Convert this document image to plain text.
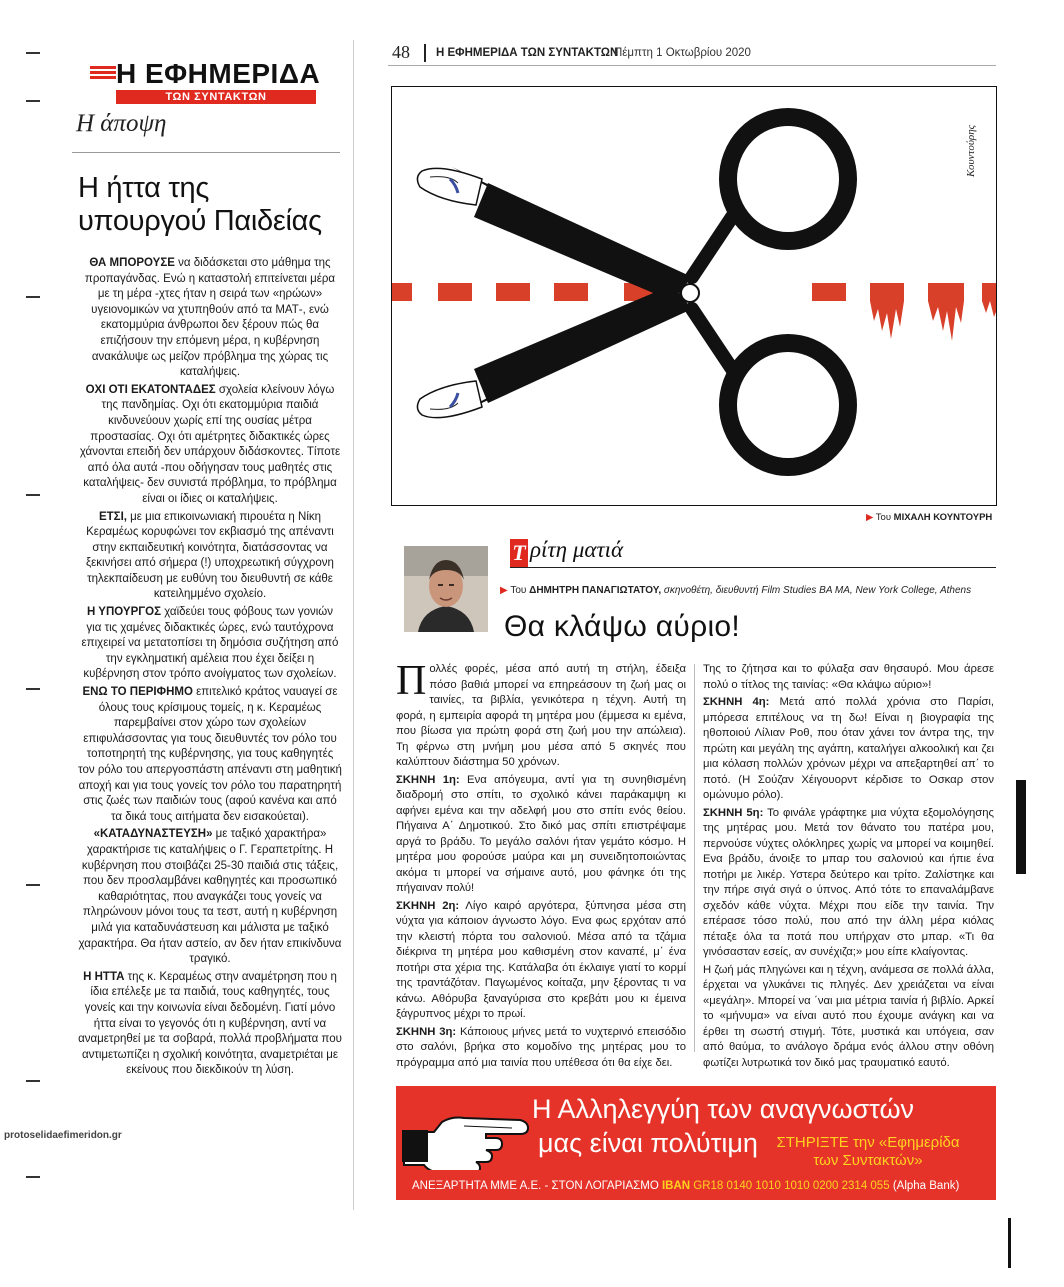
Η ΕΦΗΜΕΡΙΔΑ
ΤΩΝ ΣΥΝΤΑΚΤΩΝ
Η άποψη
Η ήττα της υπουργού Παιδείας

ΘΑ ΜΠΟΡΟΥΣΕ να διδάσκεται στο μάθημα της προπαγάνδας. Ενώ η καταστολή επιτείνεται μέρα με τη μέρα -χτες ήταν η σειρά των «ηρώων» υγειονομικών να χτυπηθούν από τα ΜΑΤ-, ενώ εκατομμύρια άνθρωποι δεν ξέρουν πώς θα επιζήσουν την επόμενη μέρα, η κυβέρνηση ανακάλυψε ως μείζον πρόβλημα της χώρας τις καταλήψεις.

ΟΧΙ ΟΤΙ ΕΚΑΤΟΝΤΑΔΕΣ σχολεία κλείνουν λόγω της πανδημίας. Οχι ότι εκατομμύρια παιδιά κινδυνεύουν χωρίς επί της ουσίας μέτρα προστασίας. Οχι ότι αμέτρητες διδακτικές ώρες χάνονται επειδή δεν υπάρχουν διδάσκοντες. Τίποτε από όλα αυτά -που οδήγησαν τους μαθητές στις καταλήψεις- δεν συνιστά πρόβλημα, το πρόβλημα είναι οι ίδιες οι καταλήψεις.

ΕΤΣΙ, με μια επικοινωνιακή πιρουέτα η Νίκη Κεραμέως κορυφώνει τον εκβιασμό της απέναντι στην εκπαιδευτική κοινότητα, διατάσσοντας να ξεκινήσει από σήμερα (!) υποχρεωτική σύγχρονη τηλεκπαίδευση με ευθύνη του διευθυντή σε κάθε κατειλημμένο σχολείο.

Η ΥΠΟΥΡΓΟΣ χαϊδεύει τους φόβους των γονιών για τις χαμένες διδακτικές ώρες, ενώ ταυτόχρονα επιχειρεί να μετατοπίσει τη δημόσια συζήτηση από την εγκληματική αμέλεια που έχει δείξει η κυβέρνηση στον τρόπο ανοίγματος των σχολείων.

ΕΝΩ ΤΟ ΠΕΡΙΦΗΜΟ επιτελικό κράτος ναυαγεί σε όλους τους κρίσιμους τομείς, η κ. Κεραμέως παρεμβαίνει στον χώρο των σχολείων επιφυλάσσοντας για τους διευθυντές τον ρόλο του τοποτηρητή της κυβέρνησης, για τους καθηγητές τον ρόλο του απεργοσπάστη απέναντι στη μαθητική αποχή και για τους γονείς τον ρόλο του παρατηρητή στις ζωές των παιδιών τους (αφού κανένα και από τα δικά τους αιτήματα δεν εισακούεται).

«ΚΑΤΑΔΥΝΑΣΤΕΥΣΗ» με ταξικό χαρακτήρα» χαρακτήρισε τις καταλήψεις ο Γ. Γεραπετρίτης. Η κυβέρνηση που στοιβάζει 25-30 παιδιά στις τάξεις, που δεν προσλαμβάνει καθηγητές και προσωπικό καθαριότητας, που αναγκάζει τους γονείς να πληρώνουν μόνοι τους τα τεστ, αυτή η κυβέρνηση μιλά για καταδυνάστευση και μάλιστα με ταξικό χαρακτήρα. Θα ήταν αστείο, αν δεν ήταν επικίνδυνα τραγικό.

Η ΗΤΤΑ της κ. Κεραμέως στην αναμέτρηση που η ίδια επέλεξε με τα παιδιά, τους καθηγητές, τους γονείς και την κοινωνία είναι δεδομένη. Γιατί μόνο ήττα είναι το γεγονός ότι η κυβέρνηση, αντί να αναμετρηθεί με τα σοβαρά, πολλά προβλήματα που αντιμετωπίζει η σχολική κοινότητα, αναμετριέται με εκείνους που διεκδικούν τη λύση.

protoselidaefimeridon.gr
48 Η ΕΦΗΜΕΡΙΔΑ ΤΩΝ ΣΥΝΤΑΚΤΩΝ
Πέμπτη 1 Οκτωβρίου 2020
Κουντούρης
▶ Του ΜΙΧΑΛΗ ΚΟΥΝΤΟΥΡΗ
Τ ρίτη ματιά
▶ Του ΔΗΜΗΤΡΗ ΠΑΝΑΓΙΩΤΑΤΟΥ, σκηνοθέτη, διευθυντή Film Studies BA MA, New York College, Athens
Θα κλάψω αύριο!

Πολλές φορές, μέσα από αυτή τη στήλη, έδειξα πόσο βαθιά μπορεί να επηρεάσουν τη ζωή μας οι ταινίες, τα βιβλία, γενικότερα η τέχνη. Αυτή τη φορά, η εμπειρία αφορά τη μητέρα μου (έμμεσα κι εμένα, που βίωσα για πρώτη φορά στη ζωή μου την απώλεια). Τη φέρνω στη μνήμη μου μέσα από 5 σκηνές που καλύπτουν διάστημα 50 χρόνων.

ΣΚΗΝΗ 1η: Ενα απόγευμα, αντί για τη συνηθισμένη διαδρομή στο σπίτι, το σχολικό κάνει παράκαμψη κι αφήνει εμένα και την αδελφή μου στο σπίτι ενός θείου. Πήγαινα Α΄ Δημοτικού. Στο δικό μας σπίτι επιστρέψαμε αργά το βράδυ. Το μεγάλο σαλόνι ήταν γεμάτο κόσμο. Η μητέρα μου φορούσε μαύρα και μη συνειδητοποιώντας ακόμα τι μπορεί να σήμαινε αυτό, μου φάνηκε ότι της πήγαιναν πολύ!

ΣΚΗΝΗ 2η: Λίγο καιρό αργότερα, ξύπνησα μέσα στη νύχτα για κάποιον άγνωστο λόγο. Ενα φως ερχόταν από την κλειστή πόρτα του σαλονιού. Μέσα από τα τζάμια διέκρινα τη μητέρα μου καθισμένη στον καναπέ, μ΄ ένα ποτήρι στα χέρια της. Κατάλαβα ότι έκλαιγε γιατί το κορμί της τραντάζόταν. Παγωμένος κοίταζα, μην ξέροντας τι να κάνω. Αθόρυβα ξαναγύρισα στο κρεβάτι μου κι έμεινα ξάγρυπνος μέχρι το πρωί.

ΣΚΗΝΗ 3η: Κάποιους μήνες μετά το νυχτερινό επεισόδιο στο σαλόνι, βρήκα στο κομοδίνο της μητέρας μου το πρόγραμμα από μια ταινία που υπέθεσα ότι θα είχε δει.

Της το ζήτησα και το φύλαξα σαν θησαυρό. Μου άρεσε πολύ ο τίτλος της ταινίας: «Θα κλάψω αύριο»!

ΣΚΗΝΗ 4η: Μετά από πολλά χρόνια στο Παρίσι, μπόρεσα επιτέλους να τη δω! Είναι η βιογραφία της ηθοποιού Λίλιαν Ροθ, που όταν χάνει τον άντρα της, την πρώτη και μεγάλη της αγάπη, καταλήγει αλκοολική και ζει μια κόλαση πολλών χρόνων μέχρι να απεξαρτηθεί απ΄ το ποτό. (Η Σούζαν Χέιγουορντ κέρδισε το Οσκαρ στον ομώνυμο ρόλο).

ΣΚΗΝΗ 5η: Το φινάλε γράφτηκε μια νύχτα εξομολόγησης της μητέρας μου. Μετά τον θάνατο του πατέρα μου, περνούσε νύχτες ολόκληρες χωρίς να μπορεί να κοιμηθεί. Ενα βράδυ, άνοιξε το μπαρ του σαλονιού και ήπιε ένα ποτήρι με λικέρ. Υστερα δεύτερο και τρίτο. Ζαλίστηκε και την πήρε σιγά σιγά ο ύπνος. Από τότε το επαναλάμβανε σχεδόν κάθε νύχτα. Μέχρι που είδε την ταινία. Την επέρασε τόσο πολύ, που από την άλλη μέρα κιόλας πέταξε όλα τα ποτά που υπήρχαν στο μπαρ. «Τι θα γινόσασταν εσείς, αν συνέχιζα;» μου είπε κλαίγοντας.

Η ζωή μάς πληγώνει και η τέχνη, ανάμεσα σε πολλά άλλα, έρχεται να γλυκάνει τις πληγές. Δεν χρειάζεται να είναι «μεγάλη». Μπορεί να ΄ναι μια μέτρια ταινία ή βιβλίο. Αρκεί το «μήνυμα» να είναι αυτό που έχουμε ανάγκη και να έρθει τη σωστή στιγμή. Τότε, μυστικά και υπόγεια, σαν από θαύμα, το ανάλογο δράμα ενός άλλου στην οθόνη φωτίζει λυτρωτικά τον δικό μας τραυματικό εαυτό.

Η Αλληλεγγύη των αναγνωστών
μας είναι πολύτιμη	ΣΤΗΡΙΞΤΕ την «Εφημερίδα των Συντακτών»
ΑΝΕΞΑΡΤΗΤΑ ΜΜΕ Α.Ε. - ΣΤΟΝ ΛΟΓΑΡΙΑΣΜΟ IBAN GR18 0140 1010 1010 0200 2314 055 (Alpha Bank)
